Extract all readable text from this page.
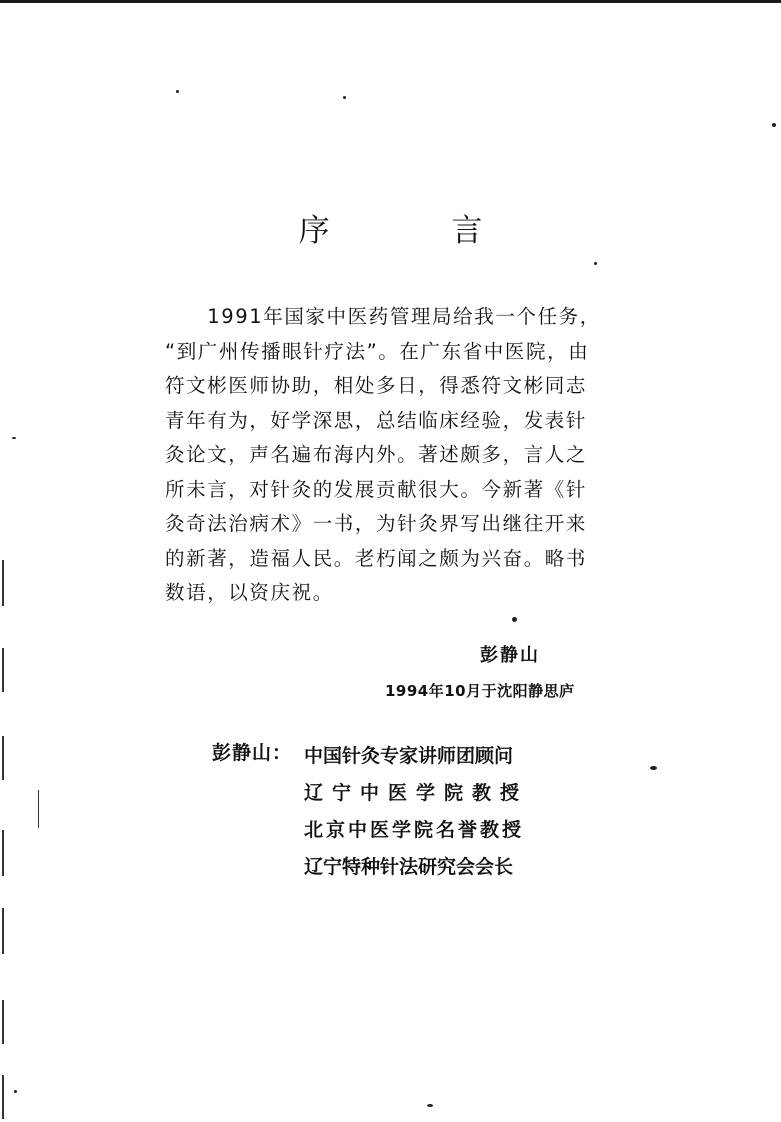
序 言
　　1991年国家中医药管理局给我一个任务，
“到广州传播眼针疗法”。在广东省中医院，由
符文彬医师协助，相处多日，得悉符文彬同志
青年有为，好学深思，总结临床经验，发表针
灸论文，声名遍布海内外。著述颇多，言人之
所未言，对针灸的发展贡献很大。今新著《针
灸奇法治病术》一书，为针灸界写出继往开来
的新著，造福人民。老朽闻之颇为兴奋。略书
数语，以资庆祝。
彭静山
1994年10月于沈阳静思庐
彭静山： 中国针灸专家讲师团顾问
辽宁中医学院教授
北京中医学院名誉教授
辽宁特种针法研究会会长
